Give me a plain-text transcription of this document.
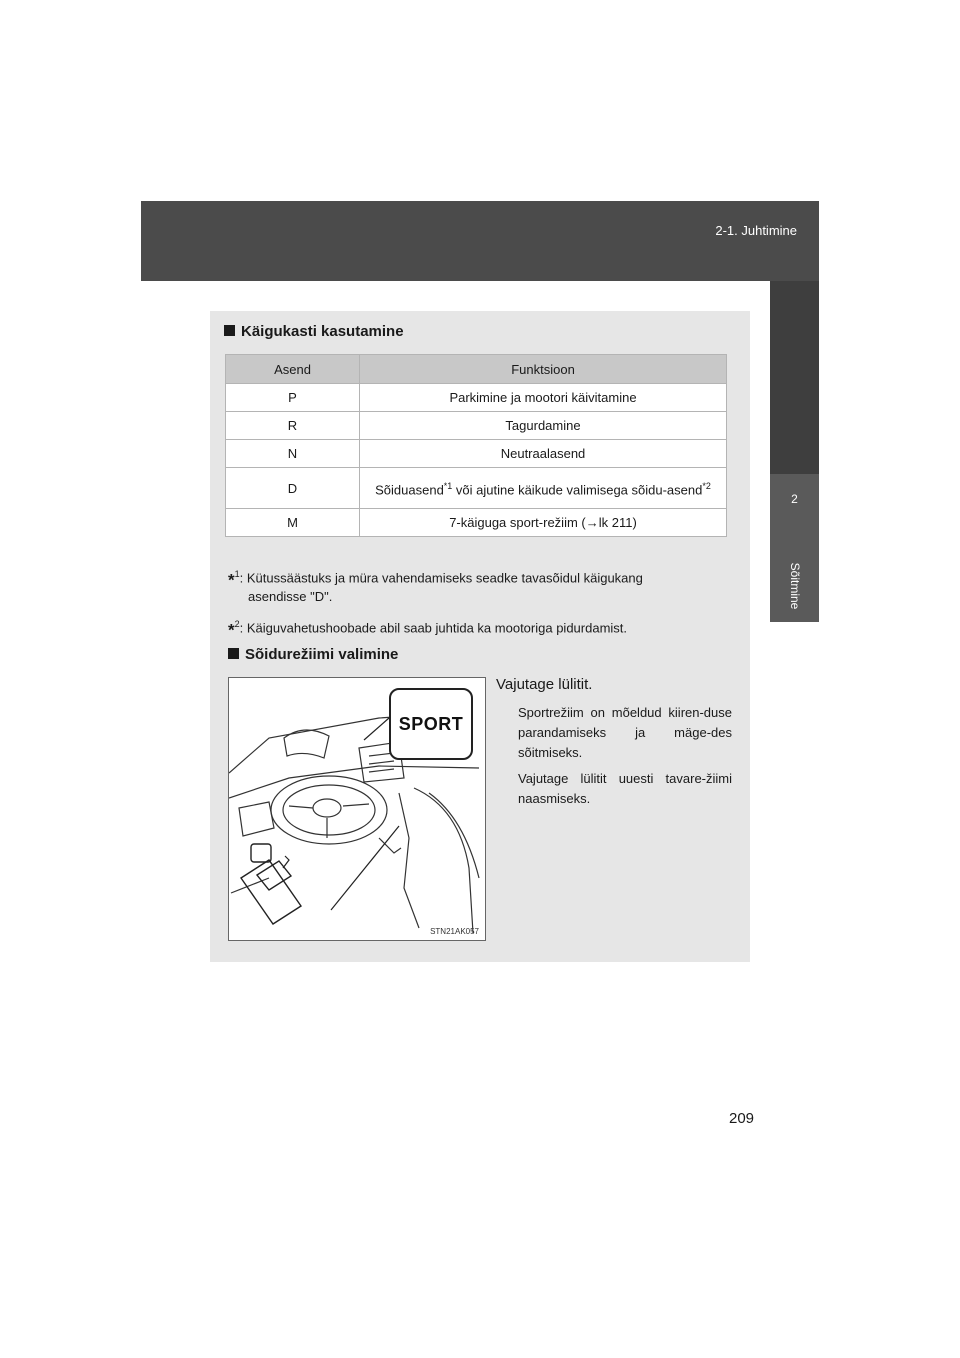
2-1. Juhtimine
2
Sõitmine
Käigukasti kasutamine
Asend	Funktsioon
P	Parkimine ja mootori käivitamine
R	Tagurdamine
N	Neutraalasend
D	Sõiduasend$^{*1}$ või ajutine käikude valimisega sõidu-asend$^{*2}$
M	7-käiguga sport-režiim (→lk 211)

*$^1$: Kütussäästuks ja müra vahendamiseks seadke tavasõidul käigukang

asendisse "D".

*$^2$: Käiguvahetushoobade abil saab juhtida ka mootoriga pidurdamist.

Sõidurežiimi valimine
SPORT
STN21AK057
Vajutage lülitit.

Sportrežiim on mõeldud kiiren-duse parandamiseks ja mäge-des sõitmiseks.

Vajutage lülitit uuesti tavare-žiimi naasmiseks.

209
